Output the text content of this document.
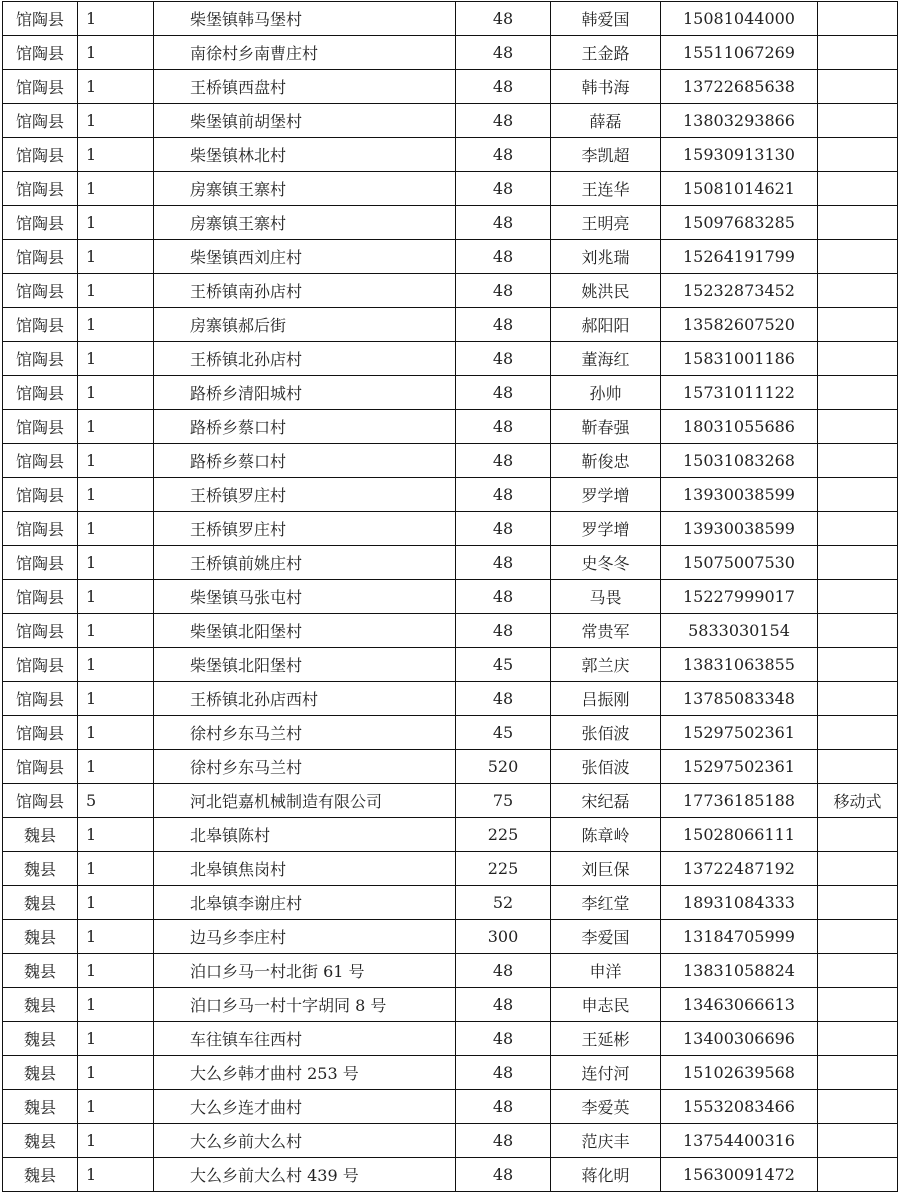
馆陶县	1	柴堡镇韩马堡村	48	韩爱国	15081044000	
馆陶县	1	南徐村乡南曹庄村	48	王金路	15511067269	
馆陶县	1	王桥镇西盘村	48	韩书海	13722685638	
馆陶县	1	柴堡镇前胡堡村	48	薛磊	13803293866	
馆陶县	1	柴堡镇林北村	48	李凯超	15930913130	
馆陶县	1	房寨镇王寨村	48	王连华	15081014621	
馆陶县	1	房寨镇王寨村	48	王明亮	15097683285	
馆陶县	1	柴堡镇西刘庄村	48	刘兆瑞	15264191799	
馆陶县	1	王桥镇南孙店村	48	姚洪民	15232873452	
馆陶县	1	房寨镇郝后街	48	郝阳阳	13582607520	
馆陶县	1	王桥镇北孙店村	48	董海红	15831001186	
馆陶县	1	路桥乡清阳城村	48	孙帅	15731011122	
馆陶县	1	路桥乡蔡口村	48	靳春强	18031055686	
馆陶县	1	路桥乡蔡口村	48	靳俊忠	15031083268	
馆陶县	1	王桥镇罗庄村	48	罗学增	13930038599	
馆陶县	1	王桥镇罗庄村	48	罗学增	13930038599	
馆陶县	1	王桥镇前姚庄村	48	史冬冬	15075007530	
馆陶县	1	柴堡镇马张屯村	48	马畏	15227999017	
馆陶县	1	柴堡镇北阳堡村	48	常贵军	5833030154	
馆陶县	1	柴堡镇北阳堡村	45	郭兰庆	13831063855	
馆陶县	1	王桥镇北孙店西村	48	吕振刚	13785083348	
馆陶县	1	徐村乡东马兰村	45	张佰波	15297502361	
馆陶县	1	徐村乡东马兰村	520	张佰波	15297502361	
馆陶县	5	河北铠嘉机械制造有限公司	75	宋纪磊	17736185188	移动式
魏县	1	北皋镇陈村	225	陈章岭	15028066111	
魏县	1	北皋镇焦岗村	225	刘巨保	13722487192	
魏县	1	北皋镇李谢庄村	52	李红堂	18931084333	
魏县	1	边马乡李庄村	300	李爱国	13184705999	
魏县	1	泊口乡马一村北街 61 号	48	申洋	13831058824	
魏县	1	泊口乡马一村十字胡同 8 号	48	申志民	13463066613	
魏县	1	车往镇车往西村	48	王延彬	13400306696	
魏县	1	大么乡韩才曲村 253 号	48	连付河	15102639568	
魏县	1	大么乡连才曲村	48	李爱英	15532083466	
魏县	1	大么乡前大么村	48	范庆丰	13754400316	
魏县	1	大么乡前大么村 439 号	48	蒋化明	15630091472	
